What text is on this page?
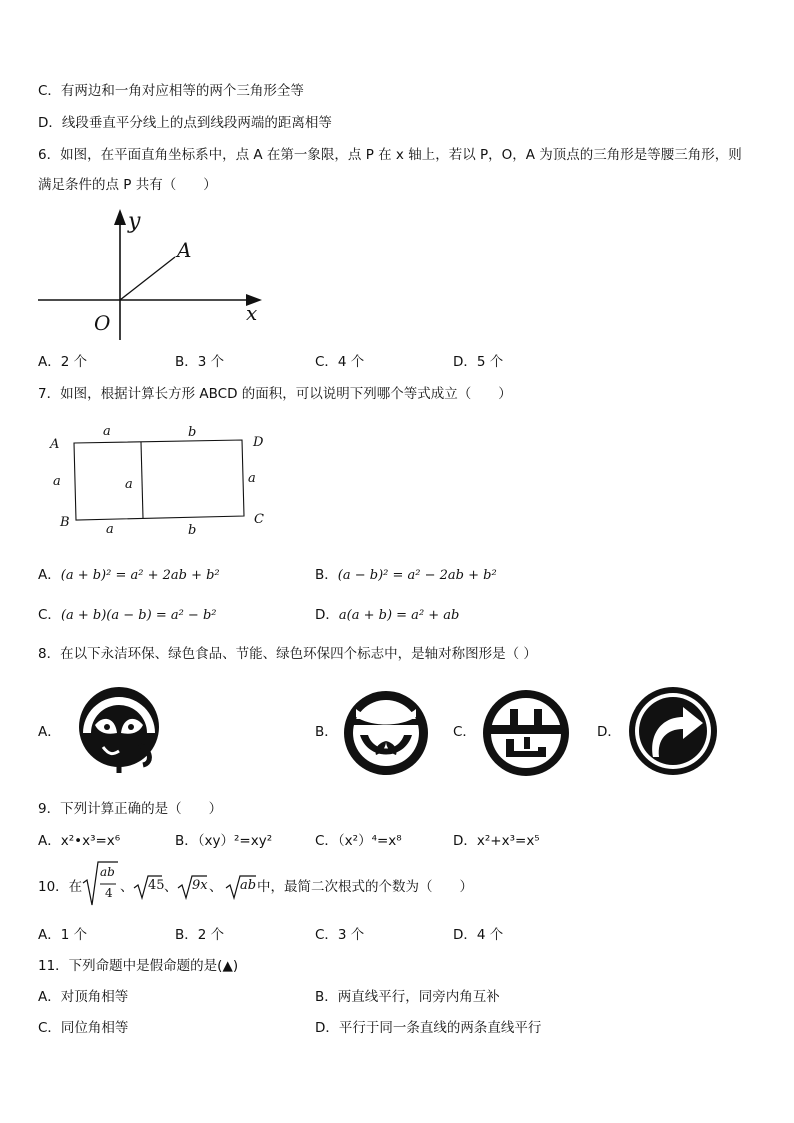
C．有两边和一角对应相等的两个三角形全等
D．线段垂直平分线上的点到线段两端的距离相等
6．如图，在平面直角坐标系中，点 A 在第一象限，点 P 在 x 轴上，若以 P，O，A 为顶点的三角形是等腰三角形，则
满足条件的点 P 共有（　　）
y
x
O
A
A．2 个	B．3 个	C．4 个	D．5 个
7．如图，根据计算长方形 ABCD 的面积，可以说明下列哪个等式成立（　　）
A
B	C
D
a	b
a	b
a	a	a
A．(a + b)² = a² + 2ab + b²	B．(a − b)² = a² − 2ab + b²
C．(a + b)(a − b) = a² − b²	D．a(a + b) = a² + ab
8．在以下永洁环保、绿色食品、节能、绿色环保四个标志中，是轴对称图形是（ ）
A．	B．	C．	D．
9．下列计算正确的是（　　）
A．x²•x³=x⁶	B．（xy）²=xy²	C．（x²）⁴=x⁸	D．x²+x³=x⁵
10．在
ab
4 、 45 、 9x 、 ab 中，最简二次根式的个数为（　　）
A．1 个	B．2 个	C．3 个	D．4 个
11．下列命题中是假命题的是(▲)
A．对顶角相等	B．两直线平行，同旁内角互补
C．同位角相等	D．平行于同一条直线的两条直线平行
